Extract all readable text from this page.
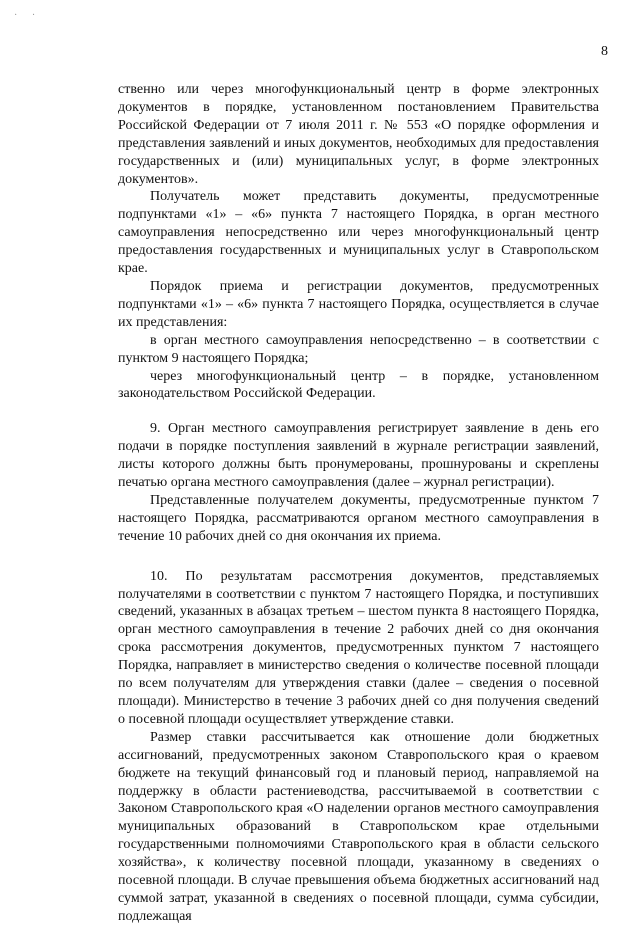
· ·
8

ственно или через многофункциональный центр в форме электронных документов в порядке, установленном постановлением Правительства Российской Федерации от 7 июля 2011 г. № 553 «О порядке оформления и представления заявлений и иных документов, необходимых для предоставления государственных и (или) муниципальных услуг, в форме электронных документов».

Получатель может представить документы, предусмотренные подпунктами «1» – «6» пункта 7 настоящего Порядка, в орган местного самоуправления непосредственно или через многофункциональный центр предоставления государственных и муниципальных услуг в Ставропольском крае.

Порядок приема и регистрации документов, предусмотренных подпунктами «1» – «6» пункта 7 настоящего Порядка, осуществляется в случае их представления:

в орган местного самоуправления непосредственно – в соответствии с пунктом 9 настоящего Порядка;

через многофункциональный центр – в порядке, установленном законодательством Российской Федерации.

9. Орган местного самоуправления регистрирует заявление в день его подачи в порядке поступления заявлений в журнале регистрации заявлений, листы которого должны быть пронумерованы, прошнурованы и скреплены печатью органа местного самоуправления (далее – журнал регистрации).

Представленные получателем документы, предусмотренные пунктом 7 настоящего Порядка, рассматриваются органом местного самоуправления в течение 10 рабочих дней со дня окончания их приема.

10. По результатам рассмотрения документов, представляемых получателями в соответствии с пунктом 7 настоящего Порядка, и поступивших сведений, указанных в абзацах третьем – шестом пункта 8 настоящего Порядка, орган местного самоуправления в течение 2 рабочих дней со дня окончания срока рассмотрения документов, предусмотренных пунктом 7 настоящего Порядка, направляет в министерство сведения о количестве посевной площади по всем получателям для утверждения ставки (далее – сведения о посевной площади). Министерство в течение 3 рабочих дней со дня получения сведений о посевной площади осуществляет утверждение ставки.

Размер ставки рассчитывается как отношение доли бюджетных ассигнований, предусмотренных законом Ставропольского края о краевом бюджете на текущий финансовый год и плановый период, направляемой на поддержку в области растениеводства, рассчитываемой в соответствии с Законом Ставропольского края «О наделении органов местного самоуправления муниципальных образований в Ставропольском крае отдельными государственными полномочиями Ставропольского края в области сельского хозяйства», к количеству посевной площади, указанному в сведениях о посевной площади. В случае превышения объема бюджетных ассигнований над суммой затрат, указанной в сведениях о посевной площади, сумма субсидии, подлежащая
